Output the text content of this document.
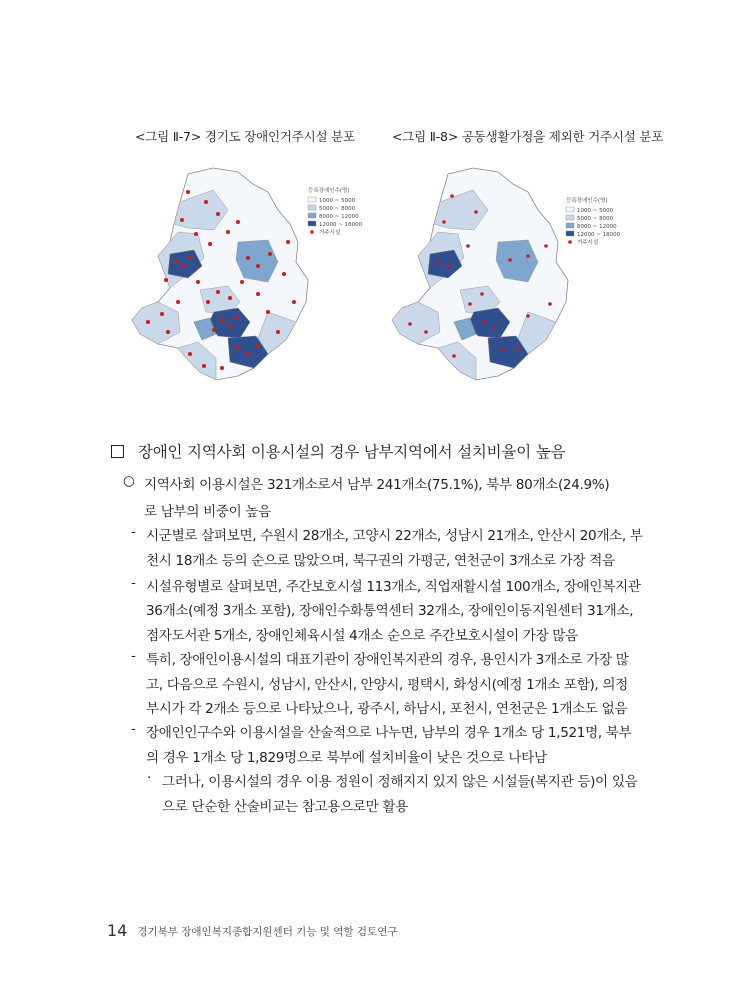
<그림 Ⅱ-7> 경기도 장애인거주시설 분포	<그림 Ⅱ-8> 공동생활가정을 제외한 거주시설 분포
등록장애인수(명)
1000 ~ 5000
5000 ~ 8000
8000 ~ 12000
12000 ~ 18000
거주시설
등록장애인수(명)
1000 ~ 5000
5000 ~ 8000
8000 ~ 12000
12000 ~ 18000
거주시설
장애인 지역사회 이용시설의 경우 남부지역에서 설치비율이 높음
○ 지역사회 이용시설은 321개소로서 남부 241개소(75.1%), 북부 80개소(24.9%)
로 남부의 비중이 높음
- 시군별로 살펴보면, 수원시 28개소, 고양시 22개소, 성남시 21개소, 안산시 20개소, 부
천시 18개소 등의 순으로 많았으며, 북구권의 가평군, 연천군이 3개소로 가장 적음
- 시설유형별로 살펴보면, 주간보호시설 113개소, 직업재활시설 100개소, 장애인복지관
36개소(예정 3개소 포함), 장애인수화통역센터 32개소, 장애인이동지원센터 31개소,
점자도서관 5개소, 장애인체육시설 4개소 순으로 주간보호시설이 가장 많음
- 특히, 장애인이용시설의 대표기관이 장애인복지관의 경우, 용인시가 3개소로 가장 많
고, 다음으로 수원시, 성남시, 안산시, 안양시, 평택시, 화성시(예정 1개소 포함), 의정
부시가 각 2개소 등으로 나타났으나, 광주시, 하남시, 포천시, 연천군은 1개소도 없음
- 장애인인구수와 이용시설을 산술적으로 나누면, 남부의 경우 1개소 당 1,521명, 북부
의 경우 1개소 당 1,829명으로 북부에 설치비율이 낮은 것으로 나타남
· 그러나, 이용시설의 경우 이용 정원이 정해지지 있지 않은 시설들(복지관 등)이 있음
으로 단순한 산술비교는 참고용으로만 활용
14 경기북부 장애인복지종합지원센터 기능 및 역할 검토연구
